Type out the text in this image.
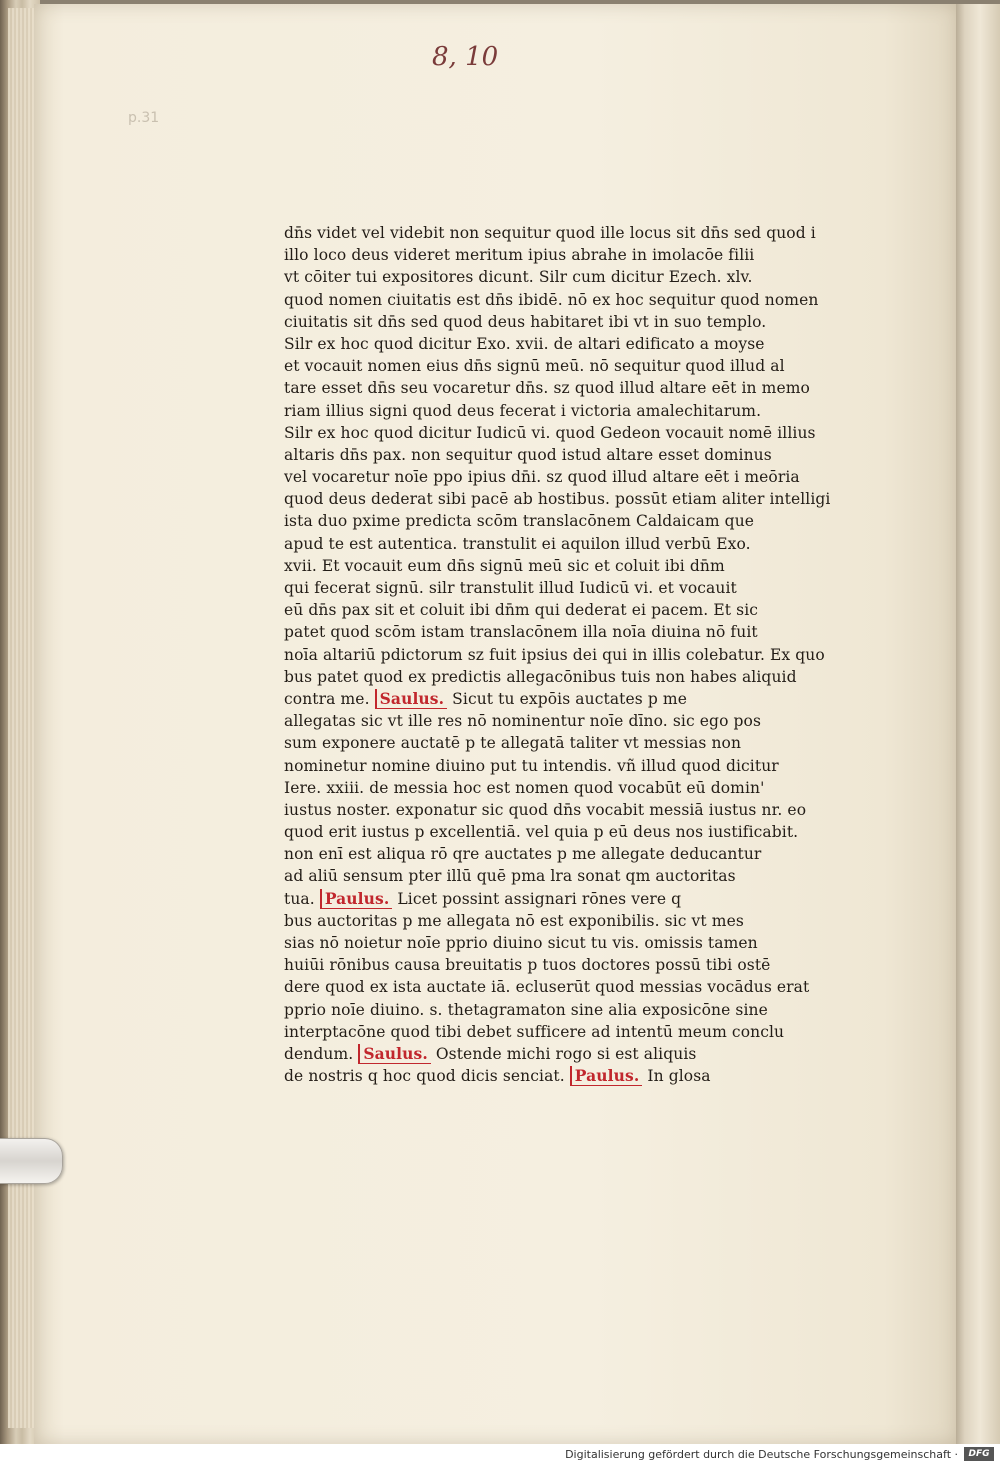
8, 10
p.31
dn̄s videt vel videbit non sequitur quod ille locus sit dn̄s sed quod i
illo loco deus videret meritum ipius abrahe in imolacōe filii
vt cōiter tui expositores dicunt. Silr cum dicitur Ezech. xlv.
quod nomen ciuitatis est dn̄s ibidē. nō ex hoc sequitur quod nomen
ciuitatis sit dn̄s sed quod deus habitaret ibi vt in suo templo.
Silr ex hoc quod dicitur Exo. xvii. de altari edificato a moyse
et vocauit nomen eius dn̄s signū meū. nō sequitur quod illud al
tare esset dn̄s seu vocaretur dn̄s. sz quod illud altare eēt in memo
riam illius signi quod deus fecerat i victoria amalechitarum.
Silr ex hoc quod dicitur Iudicū vi. quod Gedeon vocauit nomē illius
altaris dn̄s pax. non sequitur quod istud altare esset dominus
vel vocaretur noīe ppo ipius dn̄i. sz quod illud altare eēt i meōria
quod deus dederat sibi pacē ab hostibus. possūt etiam aliter intelligi
ista duo pxime predicta scōm translacōnem Caldaicam que
apud te est autentica. transtulit ei aquilon illud verbū Exo.
xvii. Et vocauit eum dn̄s signū meū sic et coluit ibi dn̄m
qui fecerat signū. silr transtulit illud Iudicū vi. et vocauit
eū dn̄s pax sit et coluit ibi dn̄m qui dederat ei pacem. Et sic
patet quod scōm istam translacōnem illa noīa diuina nō fuit
noīa altariū pdictorum sz fuit ipsius dei qui in illis colebatur. Ex quo
bus patet quod ex predictis allegacōnibus tuis non habes aliquid
contra me. Saulus. Sicut tu expōis auctates p me
allegatas sic vt ille res nō nominentur noīe dīno. sic ego pos
sum exponere auctatē p te allegatā taliter vt messias non
nominetur nomine diuino put tu intendis. vñ illud quod dicitur
Iere. xxiii. de messia hoc est nomen quod vocabūt eū domin'
iustus noster. exponatur sic quod dn̄s vocabit messiā iustus nr. eo
quod erit iustus p excellentiā. vel quia p eū deus nos iustificabit.
non enī est aliqua rō qre auctates p me allegate deducantur
ad aliū sensum pter illū quē pma lra sonat qm auctoritas
tua. Paulus. Licet possint assignari rōnes vere q
bus auctoritas p me allegata nō est exponibilis. sic vt mes
sias nō noietur noīe pprio diuino sicut tu vis. omissis tamen
huiūi rōnibus causa breuitatis p tuos doctores possū tibi ostē
dere quod ex ista auctate iā. ecluserūt quod messias vocādus erat
pprio noīe diuino. s. thetagramaton sine alia exposicōne sine
interptacōne quod tibi debet sufficere ad intentū meum conclu
dendum. Saulus. Ostende michi rogo si est aliquis
de nostris q hoc quod dicis senciat. Paulus. In glosa
Digitalisierung gefördert durch die Deutsche Forschungsgemeinschaft ·	DFG
